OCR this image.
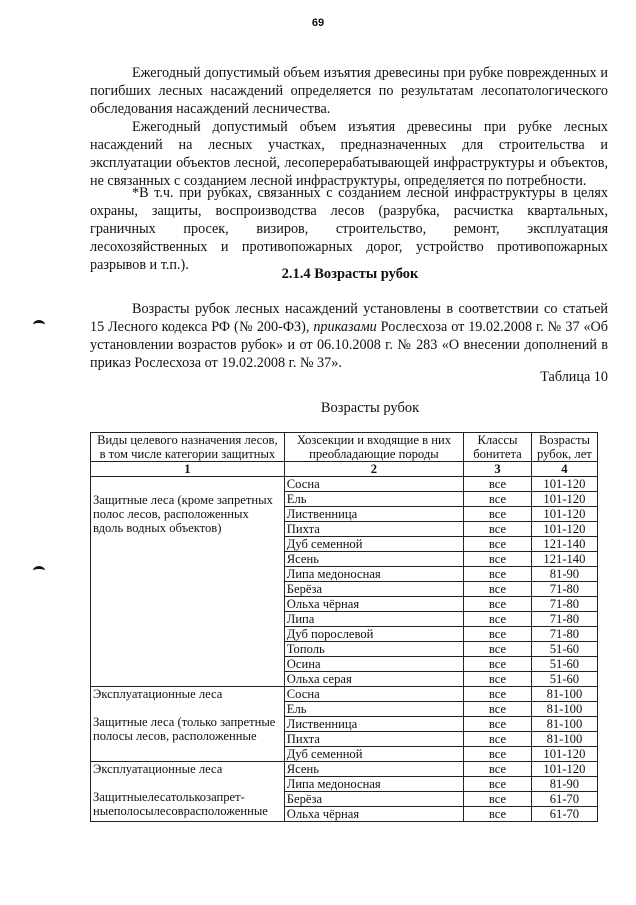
69

Ежегодный допустимый объем изъятия древесины при рубке поврежденных и погибших лесных насаждений определяется по результатам лесопатологического обследования насаждений лесничества.

Ежегодный допустимый объем изъятия древесины при рубке лесных насаждений на лесных участках, предназначенных для строительства и эксплуатации объектов лесной, лесоперерабатывающей инфраструктуры и объектов, не связанных с созданием лесной инфраструктуры, определяется по потребности.

*В т.ч. при рубках, связанных с созданием лесной инфраструктуры в целях охраны, защиты, воспроизводства лесов (разрубка, расчистка квартальных, граничных просек, визиров, строительство, ремонт, эксплуатация лесохозяйственных и противопожарных дорог, устройство противопожарных разрывов и т.п.).

2.1.4 Возрасты рубок

Возрасты рубок лесных насаждений установлены в соответствии со статьей 15 Лесного кодекса РФ (№ 200-ФЗ), приказами Рослесхоза от 19.02.2008 г. № 37 «Об установлении возрастов рубок» и от 06.10.2008 г. № 283 «О внесении дополнений в приказ Рослесхоза от 19.02.2008 г. № 37».

Таблица 10
Возрасты рубок
Виды целевого назначения лесов, в том числе категории защитных	Хозсекции и входящие в них преобладающие породы	Классы бонитета	Возрасты рубок, лет
1	2	3	4

Защитные леса (кроме запретных
полос лесов, расположенных
вдоль водных объектов)	Сосна	все	101-120
	Ель	все	101-120
	Лиственница	все	101-120
	Пихта	все	101-120
	Дуб семенной	все	121-140
	Ясень	все	121-140
	Липа медоносная	все	81-90
	Берёза	все	71-80
	Ольха чёрная	все	71-80
	Липа	все	71-80
	Дуб порослевой	все	71-80
	Тополь	все	51-60
	Осина	все	51-60
	Ольха серая	все	51-60

Эксплуатационные леса

Защитные леса (только запретные
полосы лесов, расположенные	Сосна	все	81-100
	Ель	все	81-100
	Лиственница	все	81-100
	Пихта	все	81-100
	Дуб семенной	все	101-120

Эксплуатационные леса

Защитныелесатолькозапрет-
ныеполосылесоврасположенные	Ясень	все	101-120
	Липа медоносная	все	81-90
	Берёза	все	61-70
	Ольха чёрная	все	61-70
